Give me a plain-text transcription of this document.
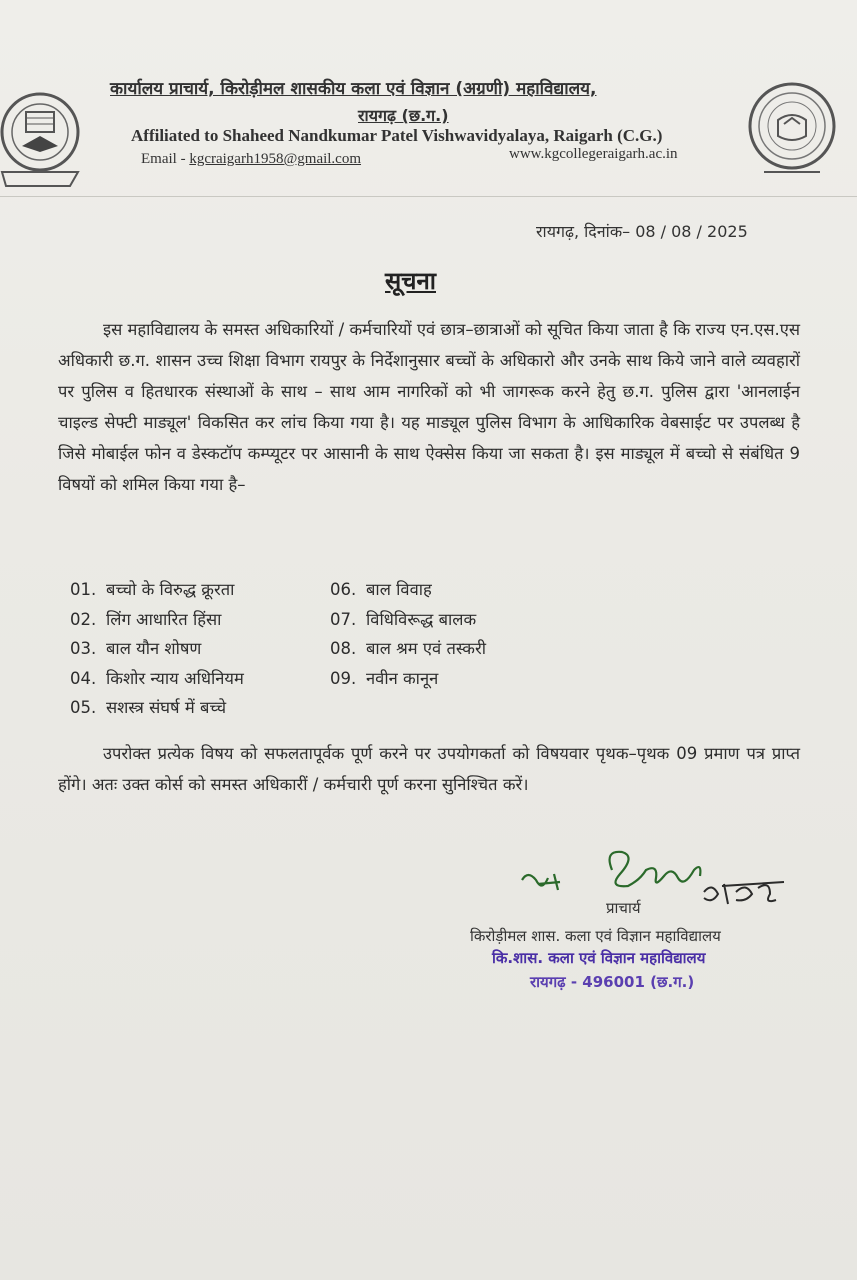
कार्यालय प्राचार्य, किरोड़ीमल शासकीय कला एवं विज्ञान (अग्रणी) महाविद्यालय,
रायगढ़ (छ.ग.)
Affiliated to Shaheed Nandkumar Patel Vishwavidyalaya, Raigarh (C.G.)
Email - kgcraigarh1958@gmail.com	www.kgcollegeraigarh.ac.in
रायगढ़, दिनांक– 08 / 08 / 2025
सूचना
इस महाविद्यालय के समस्त अधिकारियों / कर्मचारियों एवं छात्र–छात्राओं को सूचित किया जाता है कि राज्य एन.एस.एस अधिकारी छ.ग. शासन उच्च शिक्षा विभाग रायपुर के निर्देशानुसार बच्चों के अधिकारो और उनके साथ किये जाने वाले व्यवहारों पर पुलिस व हितधारक संस्थाओं के साथ – साथ आम नागरिकों को भी जागरूक करने हेतु छ.ग. पुलिस द्वारा 'आनलाईन चाइल्ड सेफ्टी माड्यूल' विकसित कर लांच किया गया है। यह माड्यूल पुलिस विभाग के आधिकारिक वेबसाईट पर उपलब्ध है जिसे मोबाईल फोन व डेस्कटॉप कम्प्यूटर पर आसानी के साथ ऐक्सेस किया जा सकता है। इस माड्यूल में बच्चो से संबंधित 9 विषयों को शमिल किया गया है–
01. बच्चो के विरुद्ध क्रूरता
02. लिंग आधारित हिंसा
03. बाल यौन शोषण
04. किशोर न्याय अधिनियम
05. सशस्त्र संघर्ष में बच्चे
06. बाल विवाह
07. विधिविरूद्ध बालक
08. बाल श्रम एवं तस्करी
09. नवीन कानून
उपरोक्त प्रत्येक विषय को सफलतापूर्वक पूर्ण करने पर उपयोगकर्ता को विषयवार पृथक–पृथक 09 प्रमाण पत्र प्राप्त होंगे। अतः उक्त कोर्स को समस्त अधिकारीं / कर्मचारी पूर्ण करना सुनिश्चित करें।
प्राचार्य
किरोड़ीमल शास. कला एवं विज्ञान महाविद्यालय
कि.शास. कला एवं विज्ञान महाविद्यालय
रायगढ़ - 496001 (छ.ग.)
